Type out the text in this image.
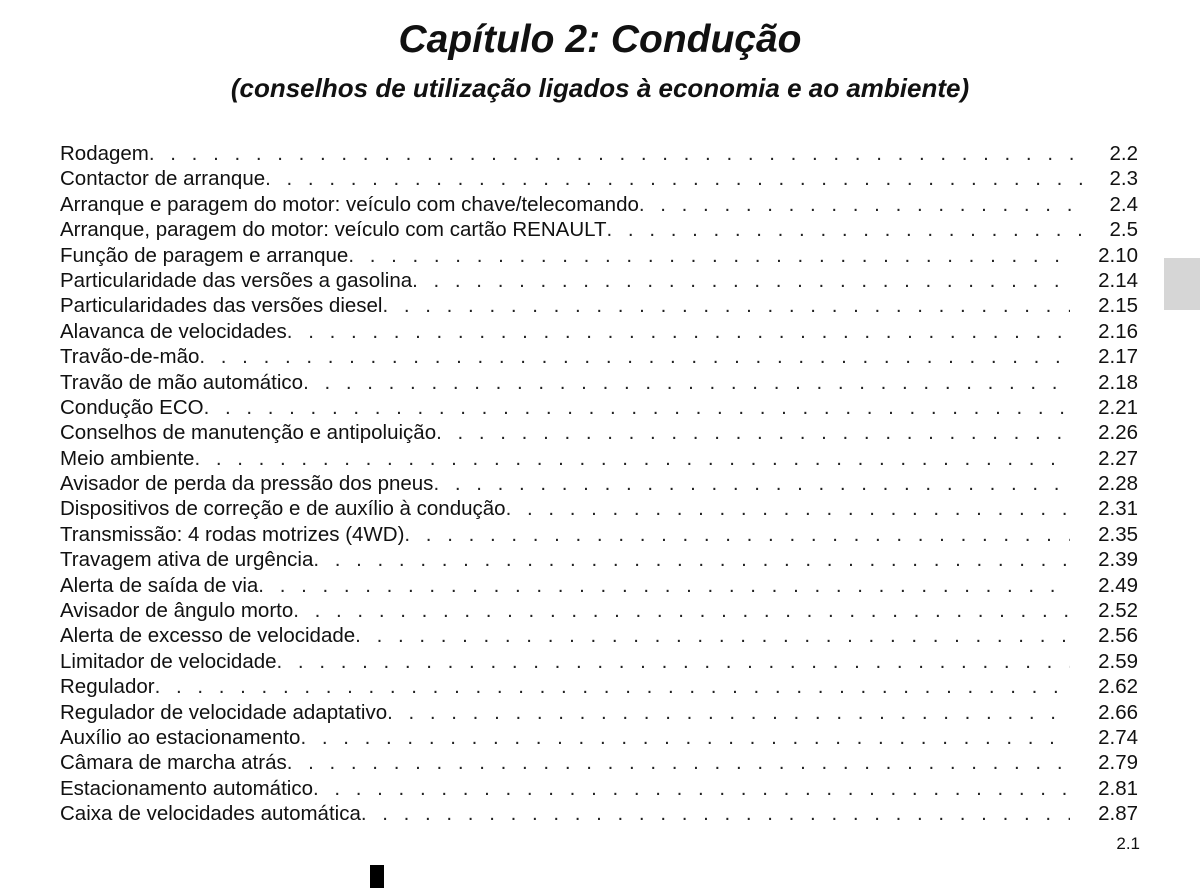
Capítulo 2: Condução
(conselhos de utilização ligados à economia e ao ambiente)
Rodagem . . .	2.2
Contactor de arranque . . .	2.3
Arranque e paragem do motor: veículo com chave/telecomando . . .	2.4
Arranque, paragem do motor: veículo com cartão RENAULT . . .	2.5
Função de paragem e arranque . . .	2.10
Particularidade das versões a gasolina . . .	2.14
Particularidades das versões diesel . . .	2.15
Alavanca de velocidades . . .	2.16
Travão-de-mão . . .	2.17
Travão de mão automático . . .	2.18
Condução ECO . . .	2.21
Conselhos de manutenção e antipoluição . . .	2.26
Meio ambiente . . .	2.27
Avisador de perda da pressão dos pneus . . .	2.28
Dispositivos de correção e de auxílio à condução . . .	2.31
Transmissão: 4 rodas motrizes (4WD) . . .	2.35
Travagem ativa de urgência . . .	2.39
Alerta de saída de via . . .	2.49
Avisador de ângulo morto . . .	2.52
Alerta de excesso de velocidade . . .	2.56
Limitador de velocidade . . .	2.59
Regulador . . .	2.62
Regulador de velocidade adaptativo . . .	2.66
Auxílio ao estacionamento . . .	2.74
Câmara de marcha atrás . . .	2.79
Estacionamento automático . . .	2.81
Caixa de velocidades automática . . .	2.87
2.1
